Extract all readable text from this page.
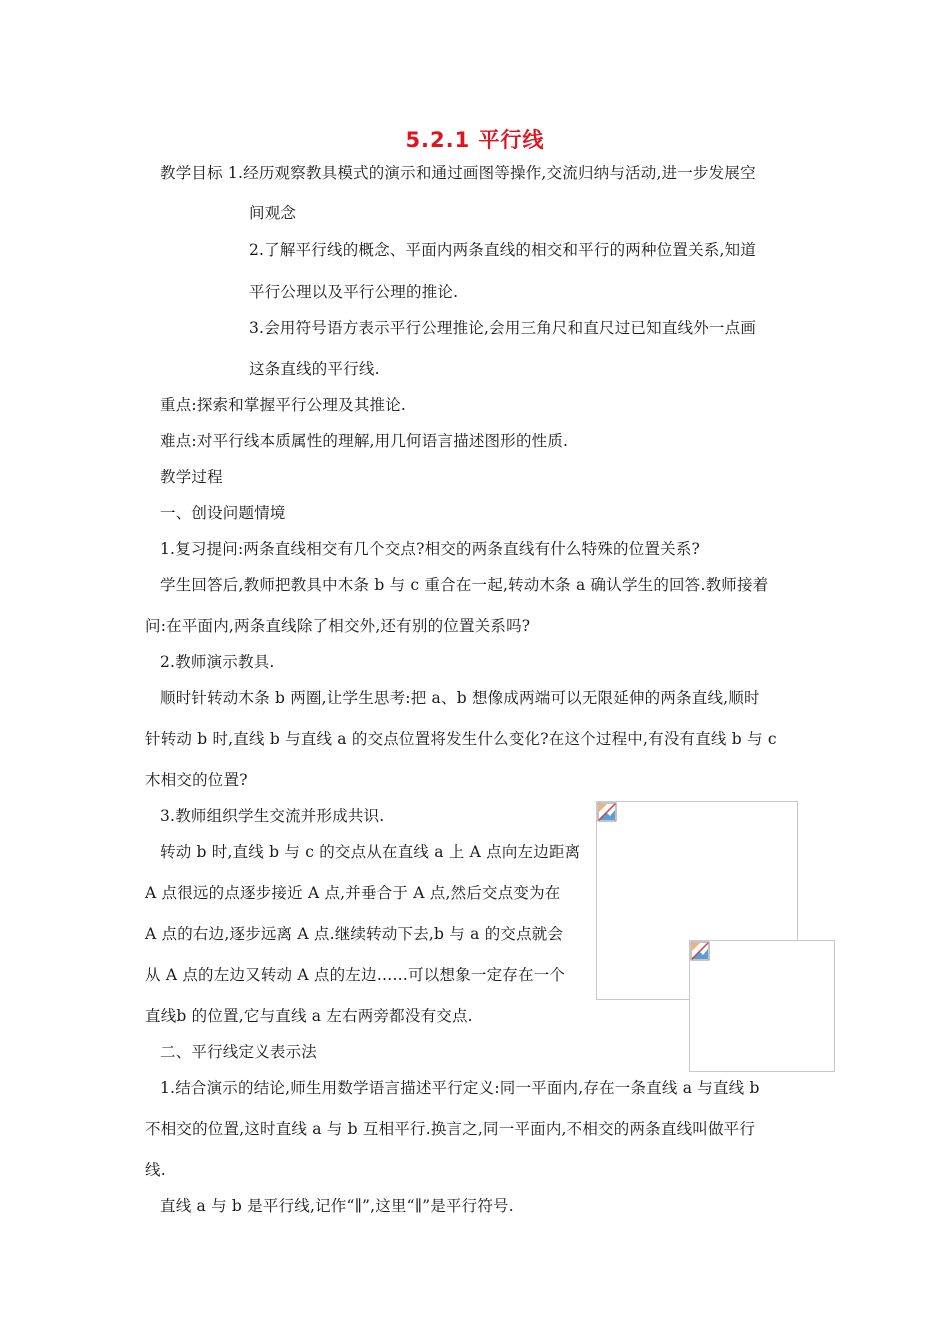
5.2.1 平行线
教学目标 1.经历观察教具模式的演示和通过画图等操作,交流归纳与活动,进一步发展空
间观念
2.了解平行线的概念、平面内两条直线的相交和平行的两种位置关系,知道
平行公理以及平行公理的推论.
3.会用符号语方表示平行公理推论,会用三角尺和直尺过已知直线外一点画
这条直线的平行线.
重点:探索和掌握平行公理及其推论.
难点:对平行线本质属性的理解,用几何语言描述图形的性质.
教学过程
一、创设问题情境
1.复习提问:两条直线相交有几个交点?相交的两条直线有什么特殊的位置关系?
学生回答后,教师把教具中木条 b 与 c 重合在一起,转动木条 a 确认学生的回答.教师接着
问:在平面内,两条直线除了相交外,还有别的位置关系吗?
2.教师演示教具.
顺时针转动木条 b 两圈,让学生思考:把 a、b 想像成两端可以无限延伸的两条直线,顺时
针转动 b 时,直线 b 与直线 a 的交点位置将发生什么变化?在这个过程中,有没有直线 b 与 c
木相交的位置?
3.教师组织学生交流并形成共识.
转动 b 时,直线 b 与 c 的交点从在直线 a 上 A 点向左边距离
A 点很远的点逐步接近 A 点,并垂合于 A 点,然后交点变为在
A 点的右边,逐步远离 A 点.继续转动下去,b 与 a 的交点就会
从 A 点的左边又转动 A 点的左边……可以想象一定存在一个
直线b 的位置,它与直线 a 左右两旁都没有交点.
二、平行线定义表示法
1.结合演示的结论,师生用数学语言描述平行定义:同一平面内,存在一条直线 a 与直线 b
不相交的位置,这时直线 a 与 b 互相平行.换言之,同一平面内,不相交的两条直线叫做平行
线.
直线 a 与 b 是平行线,记作“∥”,这里“∥”是平行符号.
